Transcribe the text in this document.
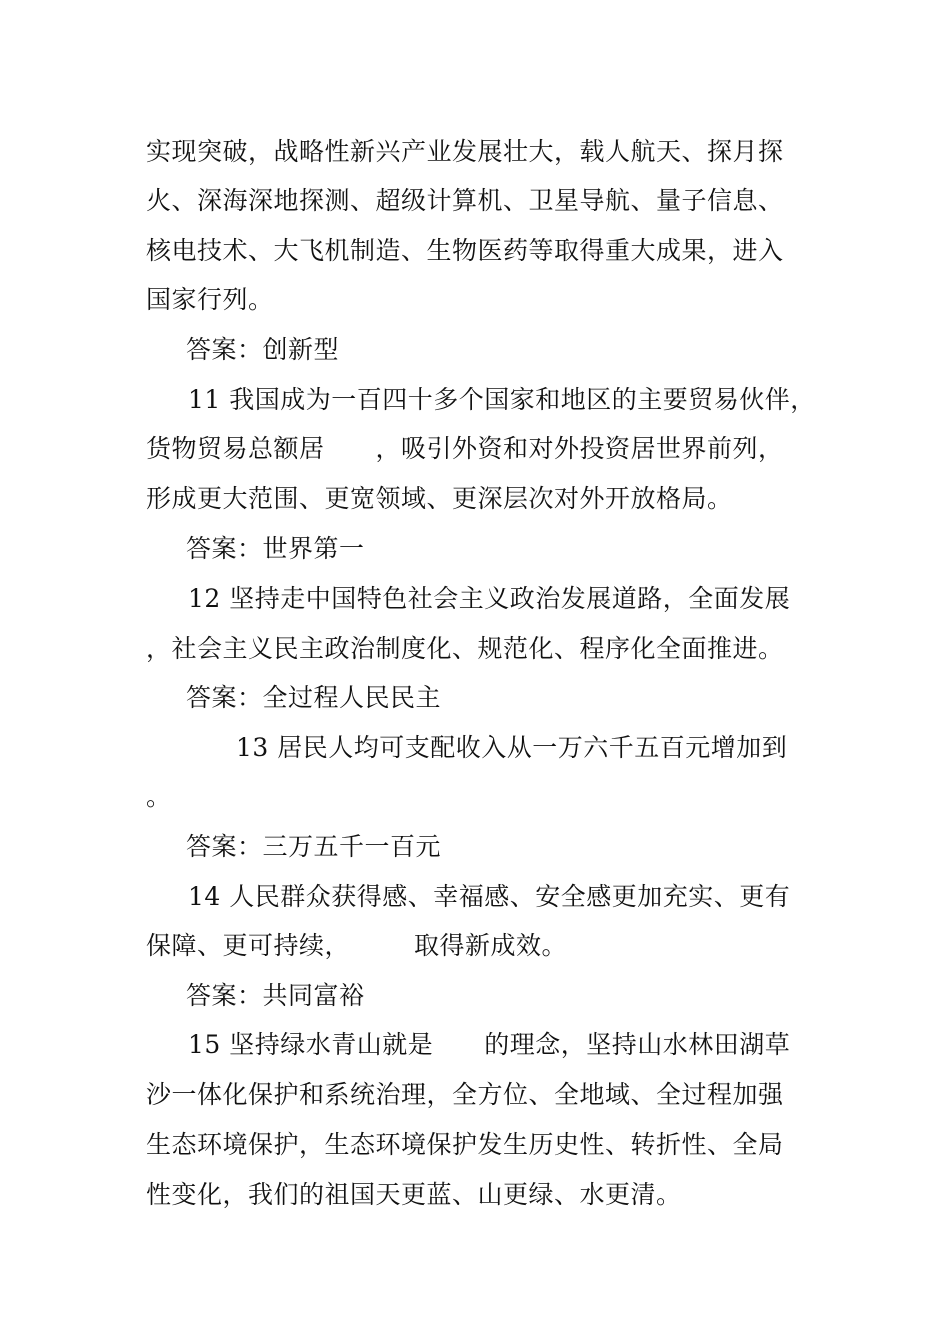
实现突破，战略性新兴产业发展壮大，载人航天、探月探
火、深海深地探测、超级计算机、卫星导航、量子信息、
核电技术、大飞机制造、生物医药等取得重大成果，进入
国家行列。
答案：创新型
11 我国成为一百四十多个国家和地区的主要贸易伙伴，
货物贸易总额居　　，吸引外资和对外投资居世界前列，
形成更大范围、更宽领域、更深层次对外开放格局。
答案：世界第一
12 坚持走中国特色社会主义政治发展道路，全面发展
，社会主义民主政治制度化、规范化、程序化全面推进。
答案：全过程人民民主
13 居民人均可支配收入从一万六千五百元增加到
。
答案：三万五千一百元
14 人民群众获得感、幸福感、安全感更加充实、更有
保障、更可持续，　　　取得新成效。
答案：共同富裕
15 坚持绿水青山就是　　的理念，坚持山水林田湖草
沙一体化保护和系统治理，全方位、全地域、全过程加强
生态环境保护，生态环境保护发生历史性、转折性、全局
性变化，我们的祖国天更蓝、山更绿、水更清。
